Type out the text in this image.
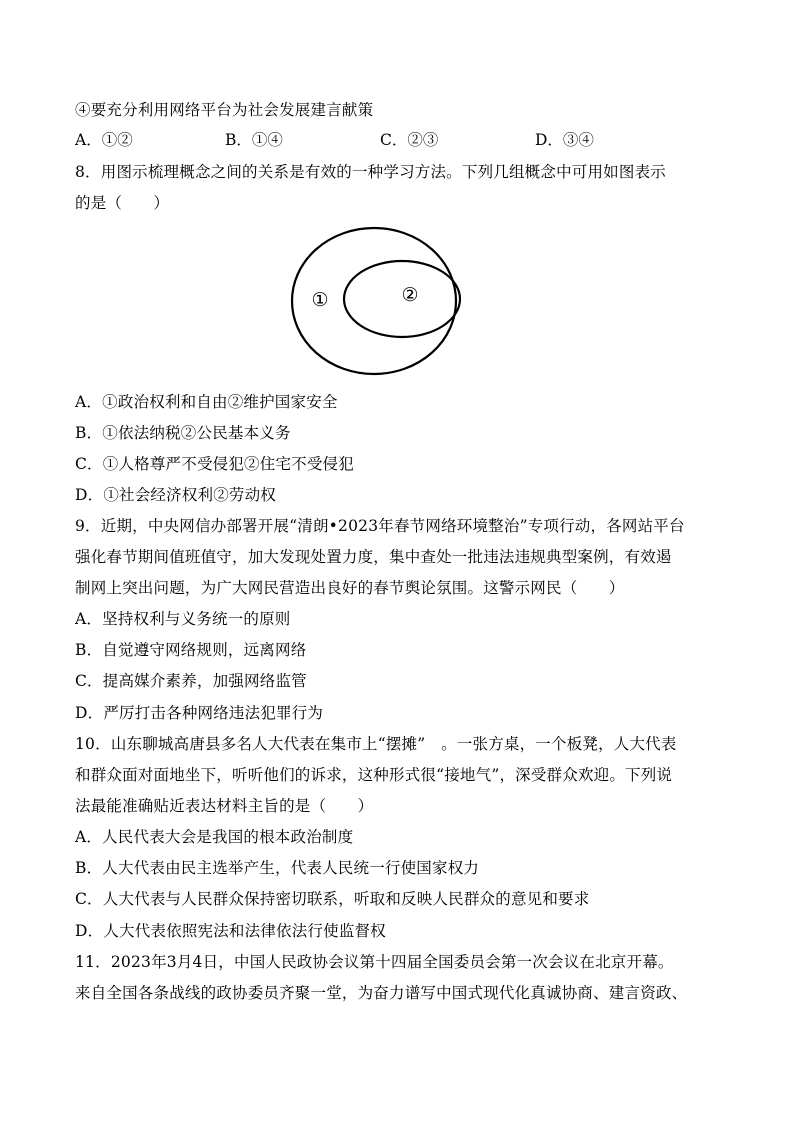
④要充分利用网络平台为社会发展建言献策
A．①②	B．①④	C．②③	D．③④
8．用图示梳理概念之间的关系是有效的一种学习方法。下列几组概念中可用如图表示
的是（　　）
①	②
A．①政治权利和自由②维护国家安全
B．①依法纳税②公民基本义务
C．①人格尊严不受侵犯②住宅不受侵犯
D．①社会经济权利②劳动权
9．近期，中央网信办部署开展“清朗•2023年春节网络环境整治”专项行动，各网站平台
强化春节期间值班值守，加大发现处置力度，集中查处一批违法违规典型案例，有效遏
制网上突出问题，为广大网民营造出良好的春节舆论氛围。这警示网民（　　）
A．坚持权利与义务统一的原则
B．自觉遵守网络规则，远离网络
C．提高媒介素养，加强网络监管
D．严厉打击各种网络违法犯罪行为
10．山东聊城高唐县多名人大代表在集市上“摆摊”　。一张方桌，一个板凳，人大代表
和群众面对面地坐下，听听他们的诉求，这种形式很“接地气”，深受群众欢迎。下列说
法最能准确贴近表达材料主旨的是（　　）
A．人民代表大会是我国的根本政治制度
B．人大代表由民主选举产生，代表人民统一行使国家权力
C．人大代表与人民群众保持密切联系，听取和反映人民群众的意见和要求
D．人大代表依照宪法和法律依法行使监督权
11．2023年3月4日，中国人民政协会议第十四届全国委员会第一次会议在北京开幕。
来自全国各条战线的政协委员齐聚一堂，为奋力谱写中国式现代化真诚协商、建言资政、
